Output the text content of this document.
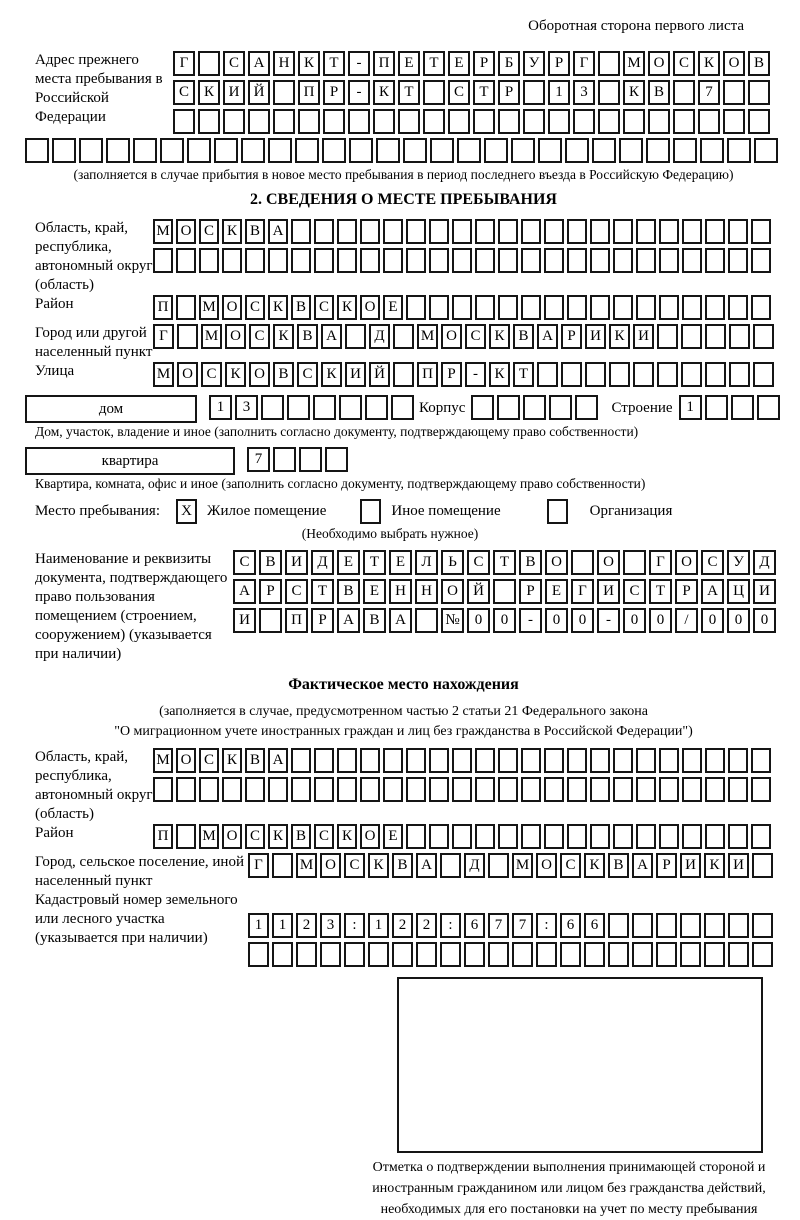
Оборотная сторона первого листа
Адрес прежнего места пребывания в Российской Федерации
Г	С А Н К	Т	-	П Е	Т	Е	Р	Б	У	Р	Г	М О С К О В
С К И Й	П	Р	-	К	Т	С	Т	Р	1	3	К В	7
(заполняется в случае прибытия в новое место пребывания в период последнего въезда в Российскую Федерацию)
2. СВЕДЕНИЯ О МЕСТЕ ПРЕБЫВАНИЯ
Область, край, республика, автономный округ (область)
М О С К В А
Район	П	М О С К В С К О Е
Город или другой населенный пункт
Г	М О С К В А	Д	М О С К В А Р И К И
Улица	М О С К О В С К И Й	П Р	-	К Т
дом	1	3	Корпус	Строение 1
Дом, участок, владение и иное (заполнить согласно документу, подтверждающему право собственности)
квартира	7
Квартира, комната, офис и иное (заполнить согласно документу, подтверждающему право собственности)
Место пребывания:	X Жилое помещение	Иное помещение	Организация
(Необходимо выбрать нужное)
Наименование и реквизиты документа, подтверждающего право пользования помещением (строением, сооружением) (указывается при наличии)
С	В	И	Д	Е	Т	Е	Л	Ь	С	Т	В	О	О	Г	О	С	У	Д
А	Р	С	Т	В	Е	Н	Н	О	Й	Р	Е	Г	И	С	Т	Р	А	Ц	И
И	П	Р	А	В	А	№	0	0	-	0	0	-	0	0	/	0	0	0
Фактическое место нахождения
(заполняется в случае, предусмотренном частью 2 статьи 21 Федерального закона
"О миграционном учете иностранных граждан и лиц без гражданства в Российской Федерации")
Область, край, республика, автономный округ (область)
М О С К В А
Район	П	М О С К В С К О Е
Город, сельское поселение, иной населенный пункт
Г	М О С К В А	Д	М О С К В А Р И К И
Кадастровый номер земельного или лесного участка (указывается при наличии)
1	1	2	3	:	1	2	2	:	6	7	7	:	6	6
Отметка о подтверждении выполнения принимающей стороной и иностранным гражданином или лицом без гражданства действий, необходимых для его постановки на учет по месту пребывания
